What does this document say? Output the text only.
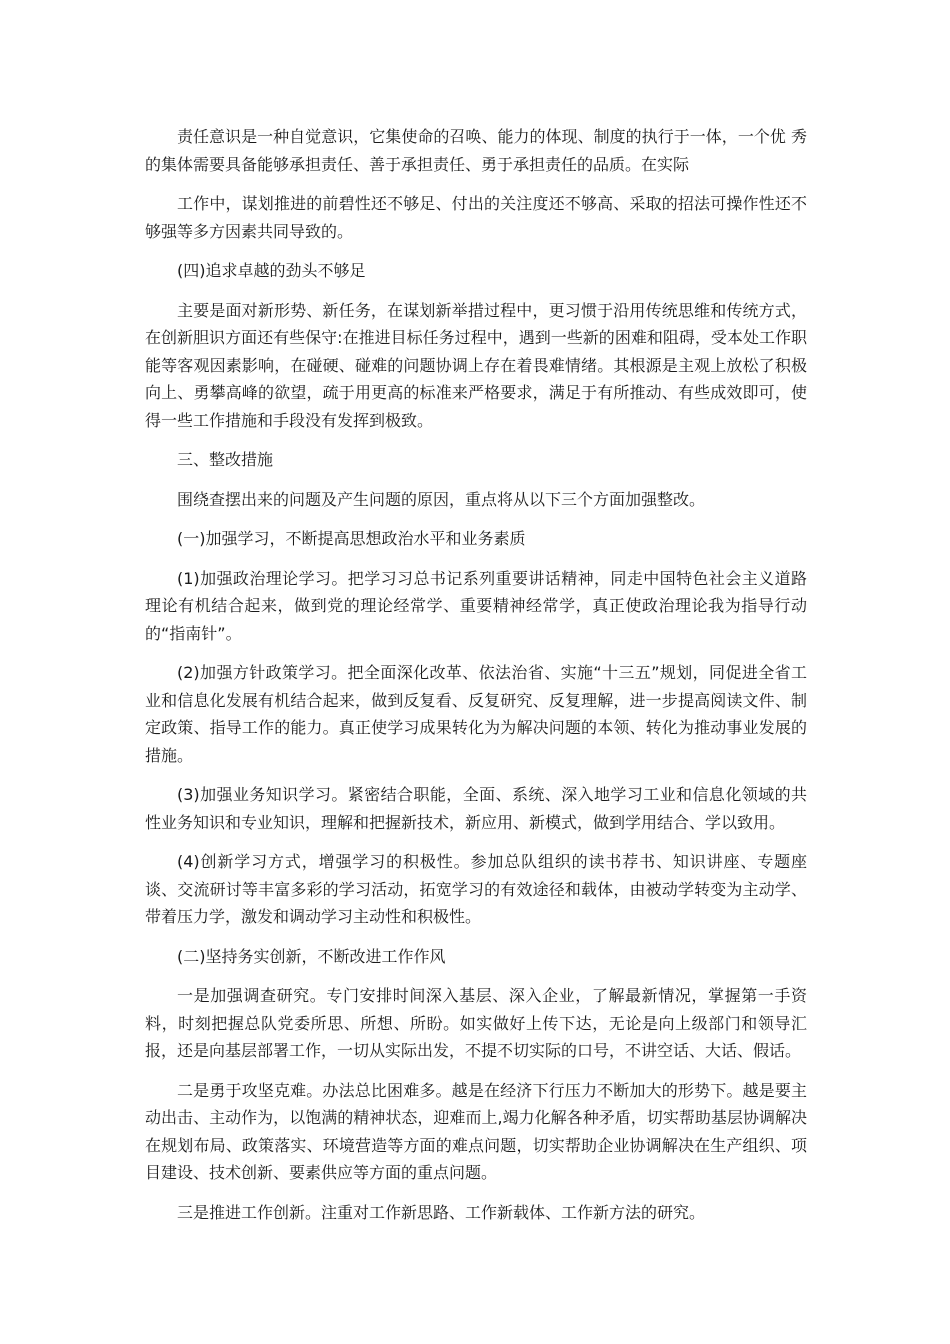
责任意识是一种自觉意识，它集使命的召唤、能力的体现、制度的执行于一体，一个优 秀的集体需要具备能够承担责任、善于承担责任、勇于承担责任的品质。在实际

工作中，谋划推进的前碧性还不够足、付出的关注度还不够高、采取的招法可操作性还不够强等多方因素共同导致的。

(四)追求卓越的劲头不够足

主要是面对新形势、新任务，在谋划新举措过程中，更习惯于沿用传统思维和传统方式，在创新胆识方面还有些保守:在推进目标任务过程中，遇到一些新的困难和阻碍，受本处工作职能等客观因素影响，在碰硬、碰难的问题协调上存在着畏难情绪。其根源是主观上放松了积极向上、勇攀高峰的欲望，疏于用更高的标准来严格要求，满足于有所推动、有些成效即可，使得一些工作措施和手段没有发挥到极致。

三、整改措施

围绕查摆出来的问题及产生问题的原因，重点将从以下三个方面加强整改。

(一)加强学习，不断提高思想政治水平和业务素质

(1)加强政治理论学习。把学习习总书记系列重要讲话精神，同走中国特色社会主义道路理论有机结合起来，做到党的理论经常学、重要精神经常学，真正使政治理论我为指导行动的“指南针”。

(2)加强方针政策学习。把全面深化改革、依法治省、实施“十三五”规划，同促进全省工业和信息化发展有机结合起来，做到反复看、反复研究、反复理解，进一步提高阅读文件、制定政策、指导工作的能力。真正使学习成果转化为为解决问题的本领、转化为推动事业发展的措施。

(3)加强业务知识学习。紧密结合职能，全面、系统、深入地学习工业和信息化领域的共性业务知识和专业知识，理解和把握新技术，新应用、新模式，做到学用结合、学以致用。

(4)创新学习方式，增强学习的积极性。参加总队组织的读书荐书、知识讲座、专题座谈、交流研讨等丰富多彩的学习活动，拓宽学习的有效途径和载体，由被动学转变为主动学、带着压力学，激发和调动学习主动性和积极性。

(二)坚持务实创新，不断改进工作作风

一是加强调查研究。专门安排时间深入基层、深入企业，了解最新情况，掌握第一手资料，时刻把握总队党委所思、所想、所盼。如实做好上传下达，无论是向上级部门和领导汇报，还是向基层部署工作，一切从实际出发，不提不切实际的口号，不讲空话、大话、假话。

二是勇于攻坚克难。办法总比困难多。越是在经济下行压力不断加大的形势下。越是要主动出击、主动作为，以饱满的精神状态，迎难而上,竭力化解各种矛盾，切实帮助基层协调解决在规划布局、政策落实、环境营造等方面的难点问题，切实帮助企业协调解决在生产组织、项目建设、技术创新、要素供应等方面的重点问题。

三是推进工作创新。注重对工作新思路、工作新载体、工作新方法的研究。
